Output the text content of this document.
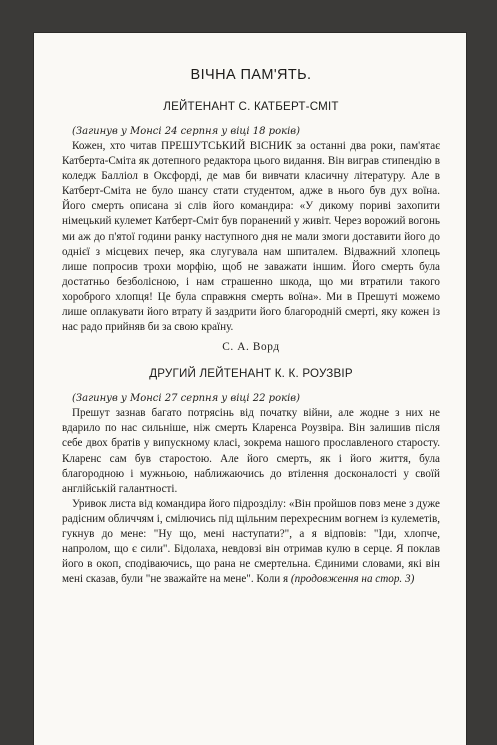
ВІЧНА ПАМ'ЯТЬ.
ЛЕЙТЕНАНТ С. КАТБЕРТ-СМІТ

(Загинув у Монсі 24 серпня у віці 18 років)

Кожен, хто читав ПРЕШУТСЬКИЙ ВІСНИК за останні два роки, пам'ятає Катберта-Сміта як дотепного редактора цього видання. Він виграв стипендію в коледж Балліол в Оксфорді, де мав би вивчати класичну літературу. Але в Катберт-Сміта не було шансу стати студентом, адже в нього був дух воїна. Його смерть описана зі слів його командира: «У дикому пориві захопити німецький кулемет Катберт-Сміт був поранений у живіт. Через ворожий вогонь ми аж до п'ятої години ранку наступного дня не мали змоги доставити його до однієї з місцевих печер, яка слугувала нам шпиталем. Відважний хлопець лише попросив трохи морфію, щоб не заважати іншим. Його смерть була достатньо безболісною, і нам страшенно шкода, що ми втратили такого хороброго хлопця! Це була справжня смерть воїна». Ми в Прешуті можемо лише оплакувати його втрату й заздрити його благородній смерті, яку кожен із нас радо прийняв би за свою країну.

С. А. Ворд

ДРУГИЙ ЛЕЙТЕНАНТ К. К. РОУЗВІР

(Загинув у Монсі 27 серпня у віці 22 років)

Прешут зазнав багато потрясінь від початку війни, але жодне з них не вдарило по нас сильніше, ніж смерть Кларенса Роузвіра. Він залишив після себе двох братів у випускному класі, зокрема нашого прославленого старосту. Кларенс сам був старостою. Але його смерть, як і його життя, була благородною і мужньою, наближаючись до втілення досконалості у своїй англійській галантності.

Уривок листа від командира його підрозділу: «Він пройшов повз мене з дуже радісним обличчям і, смілючись під щільним перехресним вогнем із кулеметів, гукнув до мене: "Ну що, мені наступати?", а я відповів: "Іди, хлопче, напролом, що є сили". Бідолаха, невдовзі він отримав кулю в серце. Я поклав його в окоп, сподіваючись, що рана не смертельна. Єдиними словами, які він мені сказав, були "не зважайте на мене". Коли я (продовження на стор. 3)
